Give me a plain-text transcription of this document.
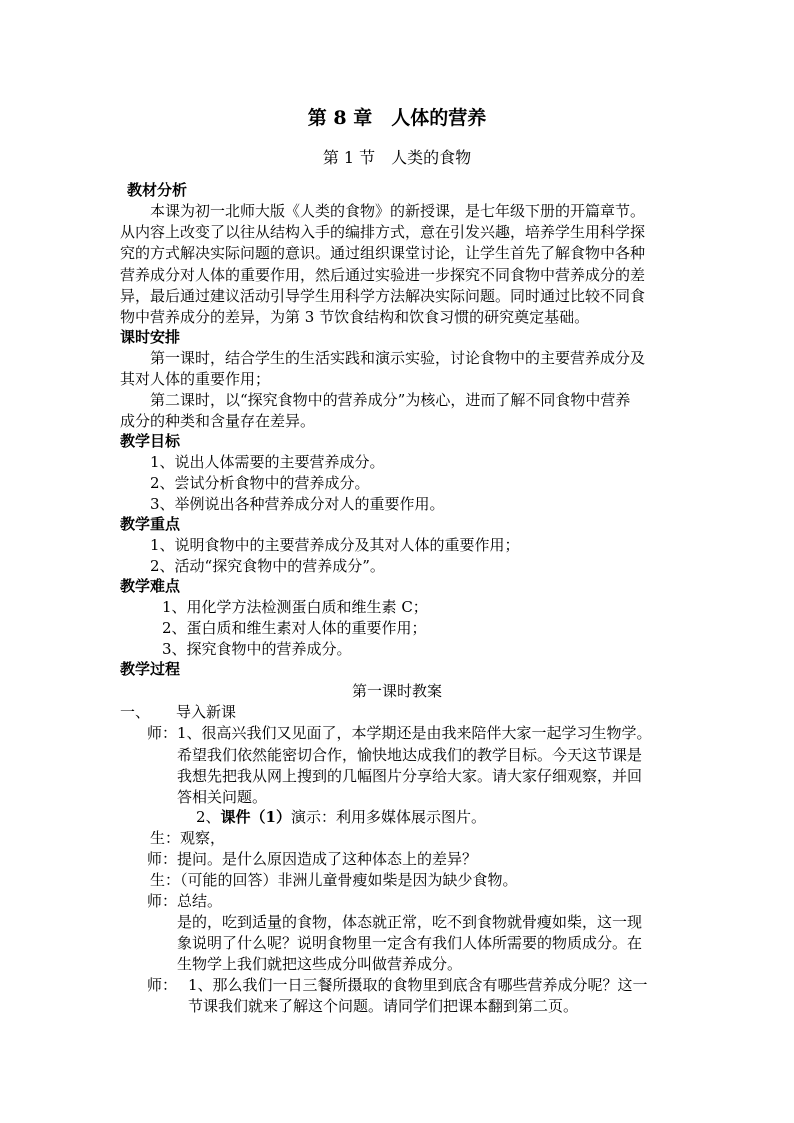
第 8 章　人体的营养
第 1 节　人类的食物
教材分析
本课为初一北师大版《人类的食物》的新授课，是七年级下册的开篇章节。
从内容上改变了以往从结构入手的编排方式，意在引发兴趣，培养学生用科学探
究的方式解决实际问题的意识。通过组织课堂讨论，让学生首先了解食物中各种
营养成分对人体的重要作用，然后通过实验进一步探究不同食物中营养成分的差
异，最后通过建议活动引导学生用科学方法解决实际问题。同时通过比较不同食
物中营养成分的差异，为第 3 节饮食结构和饮食习惯的研究奠定基础。
课时安排
第一课时，结合学生的生活实践和演示实验，讨论食物中的主要营养成分及
其对人体的重要作用；
第二课时，以“探究食物中的营养成分”为核心，进而了解不同食物中营养
成分的种类和含量存在差异。
教学目标
1、说出人体需要的主要营养成分。
2、尝试分析食物中的营养成分。
3、举例说出各种营养成分对人的重要作用。
教学重点
1、说明食物中的主要营养成分及其对人体的重要作用；
2、活动“探究食物中的营养成分”。
教学难点
1、用化学方法检测蛋白质和维生素 C；
2、蛋白质和维生素对人体的重要作用；
3、探究食物中的营养成分。
教学过程
第一课时教案
一、 导入新课
师： 1、很高兴我们又见面了，本学期还是由我来陪伴大家一起学习生物学。
希望我们依然能密切合作，愉快地达成我们的教学目标。今天这节课是
我想先把我从网上搜到的几幅图片分享给大家。请大家仔细观察，并回
答相关问题。
2、课件（1）演示：利用多媒体展示图片。
生：观察，
师：提问。是什么原因造成了这种体态上的差异？
生：（可能的回答）非洲儿童骨瘦如柴是因为缺少食物。
师：总结。
是的，吃到适量的食物，体态就正常，吃不到食物就骨瘦如柴，这一现
象说明了什么呢？说明食物里一定含有我们人体所需要的物质成分。在
生物学上我们就把这些成分叫做营养成分。
师： 1、那么我们一日三餐所摄取的食物里到底含有哪些营养成分呢？这一
节课我们就来了解这个问题。请同学们把课本翻到第二页。
